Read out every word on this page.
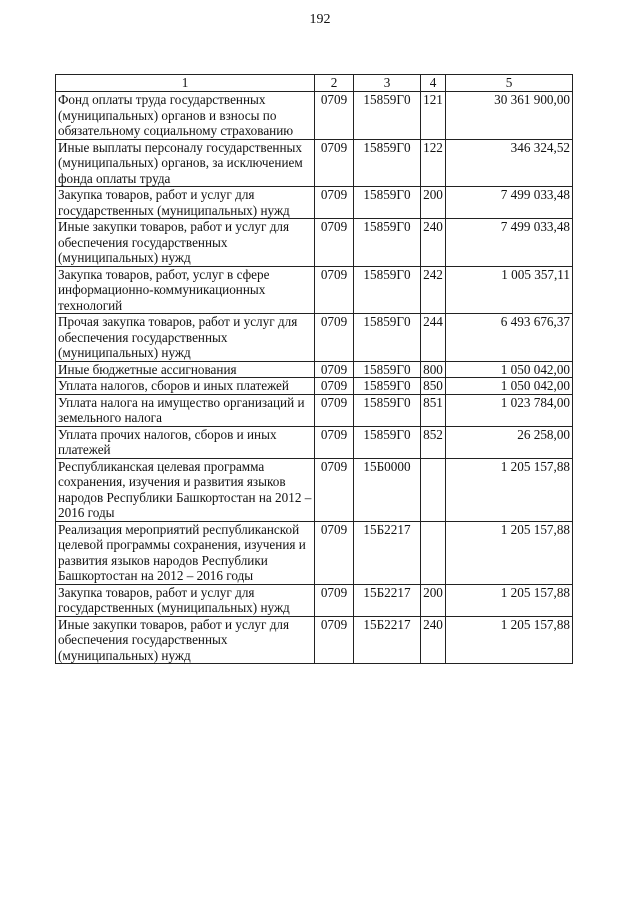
192
1	2	3	4	5
Фонд оплаты труда государственных (муниципальных) органов и взносы по обязательному социальному страхованию	0709	15859Г0	121	30 361 900,00
Иные выплаты персоналу государственных (муниципальных) органов, за исключением фонда оплаты труда	0709	15859Г0	122	346 324,52
Закупка товаров, работ и услуг для государственных (муниципальных) нужд	0709	15859Г0	200	7 499 033,48
Иные закупки товаров, работ и услуг для обеспечения государственных (муниципальных) нужд	0709	15859Г0	240	7 499 033,48
Закупка товаров, работ, услуг в сфере информационно-коммуникационных технологий	0709	15859Г0	242	1 005 357,11
Прочая закупка товаров, работ и услуг для обеспечения государственных (муниципальных) нужд	0709	15859Г0	244	6 493 676,37
Иные бюджетные ассигнования	0709	15859Г0	800	1 050 042,00
Уплата налогов, сборов и иных платежей	0709	15859Г0	850	1 050 042,00
Уплата налога на имущество организаций и земельного налога	0709	15859Г0	851	1 023 784,00
Уплата прочих налогов, сборов и иных платежей	0709	15859Г0	852	26 258,00
Республиканская целевая программа сохранения, изучения и развития языков народов Республики Башкортостан на 2012 – 2016 годы	0709	15Б0000		1 205 157,88
Реализация мероприятий республиканской целевой программы сохранения, изучения и развития языков народов Республики Башкортостан на 2012 – 2016 годы	0709	15Б2217		1 205 157,88
Закупка товаров, работ и услуг для государственных (муниципальных) нужд	0709	15Б2217	200	1 205 157,88
Иные закупки товаров, работ и услуг для обеспечения государственных (муниципальных) нужд	0709	15Б2217	240	1 205 157,88
